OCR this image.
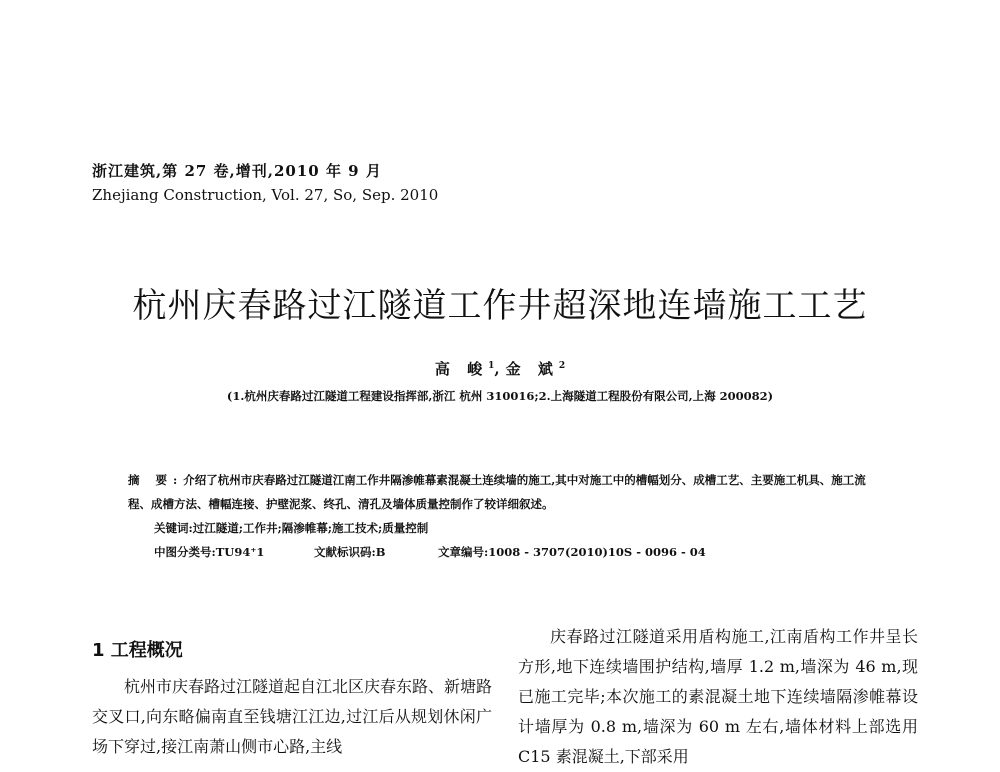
浙江建筑,第 27 卷,增刊,2010 年 9 月
Zhejiang Construction, Vol. 27, So, Sep. 2010
杭州庆春路过江隧道工作井超深地连墙施工工艺
高 峻$^1$,金 斌$^2$
(1.杭州庆春路过江隧道工程建设指挥部,浙江 杭州 310016;2.上海隧道工程股份有限公司,上海 200082)
摘 要:介绍了杭州市庆春路过江隧道江南工作井隔渗帷幕素混凝土连续墙的施工,其中对施工中的槽幅划分、成槽工艺、主要施工机具、施工流程、成槽方法、槽幅连接、护壁泥浆、终孔、清孔及墙体质量控制作了较详细叙述。
关键词:过江隧道;工作井;隔渗帷幕;施工技术;质量控制
中图分类号:TU94⁺1	文献标识码:B	文章编号:1008 - 3707(2010)10S - 0096 - 04
1 工程概况

杭州市庆春路过江隧道起自江北区庆春东路、新塘路交叉口,向东略偏南直至钱塘江江边,过江后从规划休闲广场下穿过,接江南萧山侧市心路,主线

庆春路过江隧道采用盾构施工,江南盾构工作井呈长方形,地下连续墙围护结构,墙厚 1.2 m,墙深为 46 m,现已施工完毕;本次施工的素混凝土地下连续墙隔渗帷幕设计墙厚为 0.8 m,墙深为 60 m 左右,墙体材料上部选用 C15 素混凝土,下部采用
